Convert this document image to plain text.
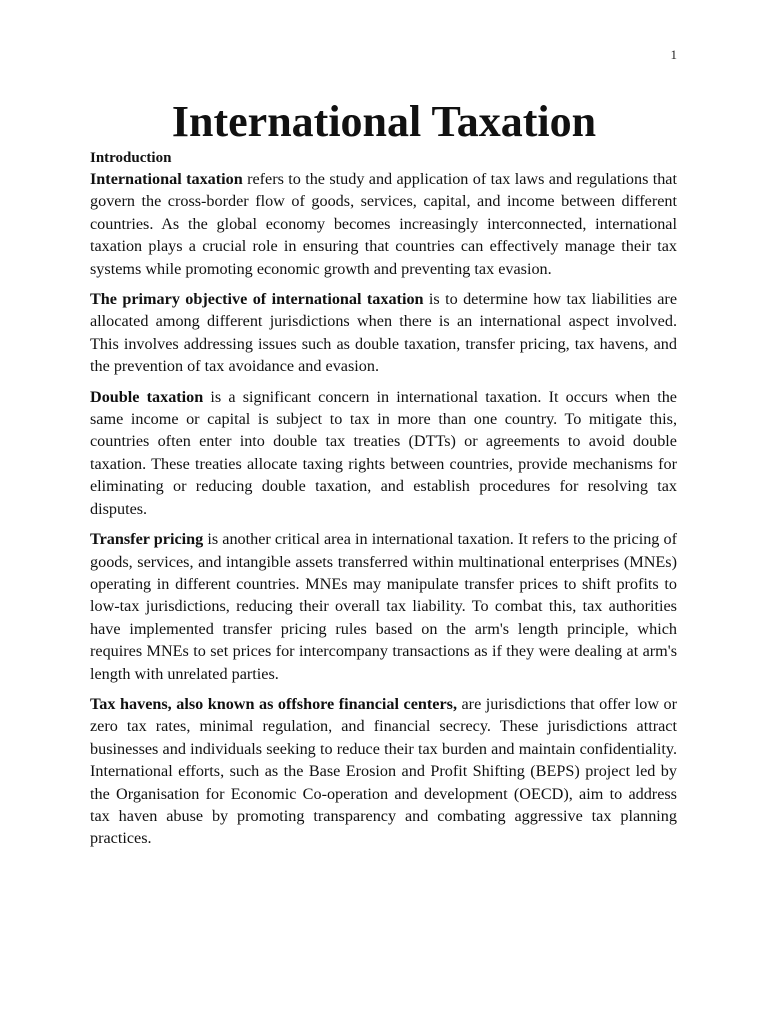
1
International Taxation

Introduction

International taxation refers to the study and application of tax laws and regulations that govern the cross-border flow of goods, services, capital, and income between different countries. As the global economy becomes increasingly interconnected, international taxation plays a crucial role in ensuring that countries can effectively manage their tax systems while promoting economic growth and preventing tax evasion.

The primary objective of international taxation is to determine how tax liabilities are allocated among different jurisdictions when there is an international aspect involved. This involves addressing issues such as double taxation, transfer pricing, tax havens, and the prevention of tax avoidance and evasion.

Double taxation is a significant concern in international taxation. It occurs when the same income or capital is subject to tax in more than one country. To mitigate this, countries often enter into double tax treaties (DTTs) or agreements to avoid double taxation. These treaties allocate taxing rights between countries, provide mechanisms for eliminating or reducing double taxation, and establish procedures for resolving tax disputes.

Transfer pricing is another critical area in international taxation. It refers to the pricing of goods, services, and intangible assets transferred within multinational enterprises (MNEs) operating in different countries. MNEs may manipulate transfer prices to shift profits to low-tax jurisdictions, reducing their overall tax liability. To combat this, tax authorities have implemented transfer pricing rules based on the arm's length principle, which requires MNEs to set prices for intercompany transactions as if they were dealing at arm's length with unrelated parties.

Tax havens, also known as offshore financial centers, are jurisdictions that offer low or zero tax rates, minimal regulation, and financial secrecy. These jurisdictions attract businesses and individuals seeking to reduce their tax burden and maintain confidentiality. International efforts, such as the Base Erosion and Profit Shifting (BEPS) project led by the Organisation for Economic Co-operation and development (OECD), aim to address tax haven abuse by promoting transparency and combating aggressive tax planning practices.
